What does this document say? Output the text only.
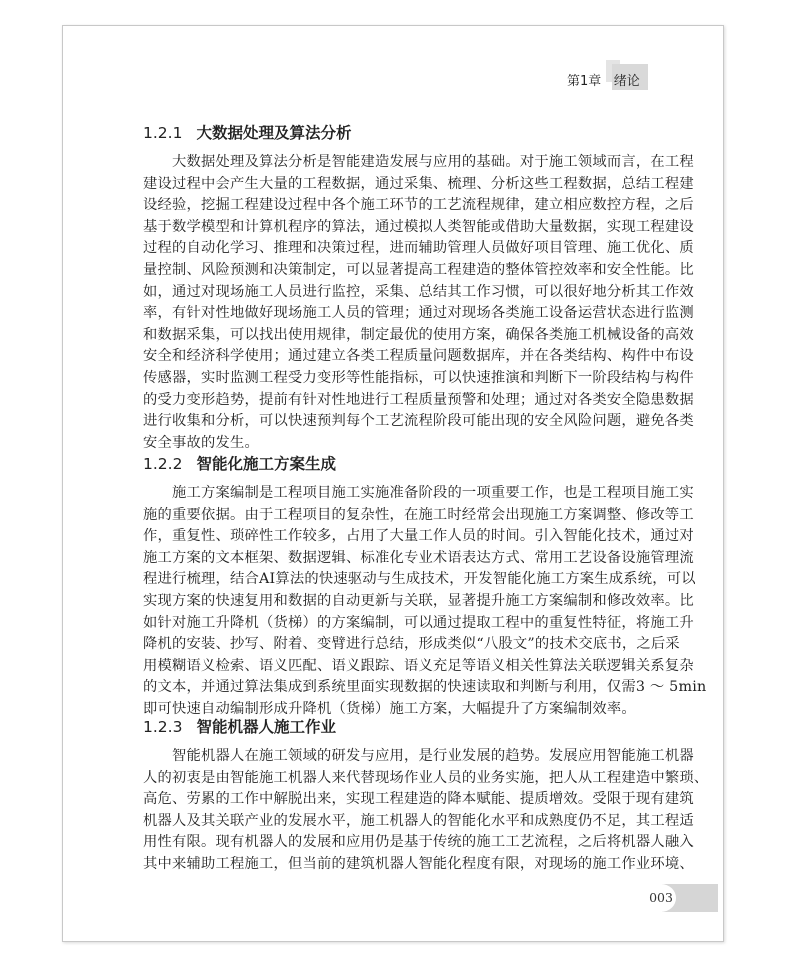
第1章 绪论
1.2.1 大数据处理及算法分析
大数据处理及算法分析是智能建造发展与应用的基础。对于施工领域而言，在工程
建设过程中会产生大量的工程数据，通过采集、梳理、分析这些工程数据，总结工程建
设经验，挖掘工程建设过程中各个施工环节的工艺流程规律，建立相应数控方程，之后
基于数学模型和计算机程序的算法，通过模拟人类智能或借助大量数据，实现工程建设
过程的自动化学习、推理和决策过程，进而辅助管理人员做好项目管理、施工优化、质
量控制、风险预测和决策制定，可以显著提高工程建造的整体管控效率和安全性能。比
如，通过对现场施工人员进行监控，采集、总结其工作习惯，可以很好地分析其工作效
率，有针对性地做好现场施工人员的管理；通过对现场各类施工设备运营状态进行监测
和数据采集，可以找出使用规律，制定最优的使用方案，确保各类施工机械设备的高效
安全和经济科学使用；通过建立各类工程质量问题数据库，并在各类结构、构件中布设
传感器，实时监测工程受力变形等性能指标，可以快速推演和判断下一阶段结构与构件
的受力变形趋势，提前有针对性地进行工程质量预警和处理；通过对各类安全隐患数据
进行收集和分析，可以快速预判每个工艺流程阶段可能出现的安全风险问题，避免各类
安全事故的发生。
1.2.2 智能化施工方案生成
施工方案编制是工程项目施工实施准备阶段的一项重要工作，也是工程项目施工实
施的重要依据。由于工程项目的复杂性，在施工时经常会出现施工方案调整、修改等工
作，重复性、琐碎性工作较多，占用了大量工作人员的时间。引入智能化技术，通过对
施工方案的文本框架、数据逻辑、标准化专业术语表达方式、常用工艺设备设施管理流
程进行梳理，结合AI算法的快速驱动与生成技术，开发智能化施工方案生成系统，可以
实现方案的快速复用和数据的自动更新与关联，显著提升施工方案编制和修改效率。比
如针对施工升降机（货梯）的方案编制，可以通过提取工程中的重复性特征，将施工升
降机的安装、抄写、附着、变臂进行总结，形成类似“八股文”的技术交底书，之后采
用模糊语义检索、语义匹配、语义跟踪、语义充足等语义相关性算法关联逻辑关系复杂
的文本，并通过算法集成到系统里面实现数据的快速读取和判断与利用，仅需3 ～ 5min
即可快速自动编制形成升降机（货梯）施工方案，大幅提升了方案编制效率。
1.2.3 智能机器人施工作业
智能机器人在施工领域的研发与应用，是行业发展的趋势。发展应用智能施工机器
人的初衷是由智能施工机器人来代替现场作业人员的业务实施，把人从工程建造中繁琐、
高危、劳累的工作中解脱出来，实现工程建造的降本赋能、提质增效。受限于现有建筑
机器人及其关联产业的发展水平，施工机器人的智能化水平和成熟度仍不足，其工程适
用性有限。现有机器人的发展和应用仍是基于传统的施工工艺流程，之后将机器人融入
其中来辅助工程施工，但当前的建筑机器人智能化程度有限，对现场的施工作业环境、
003
